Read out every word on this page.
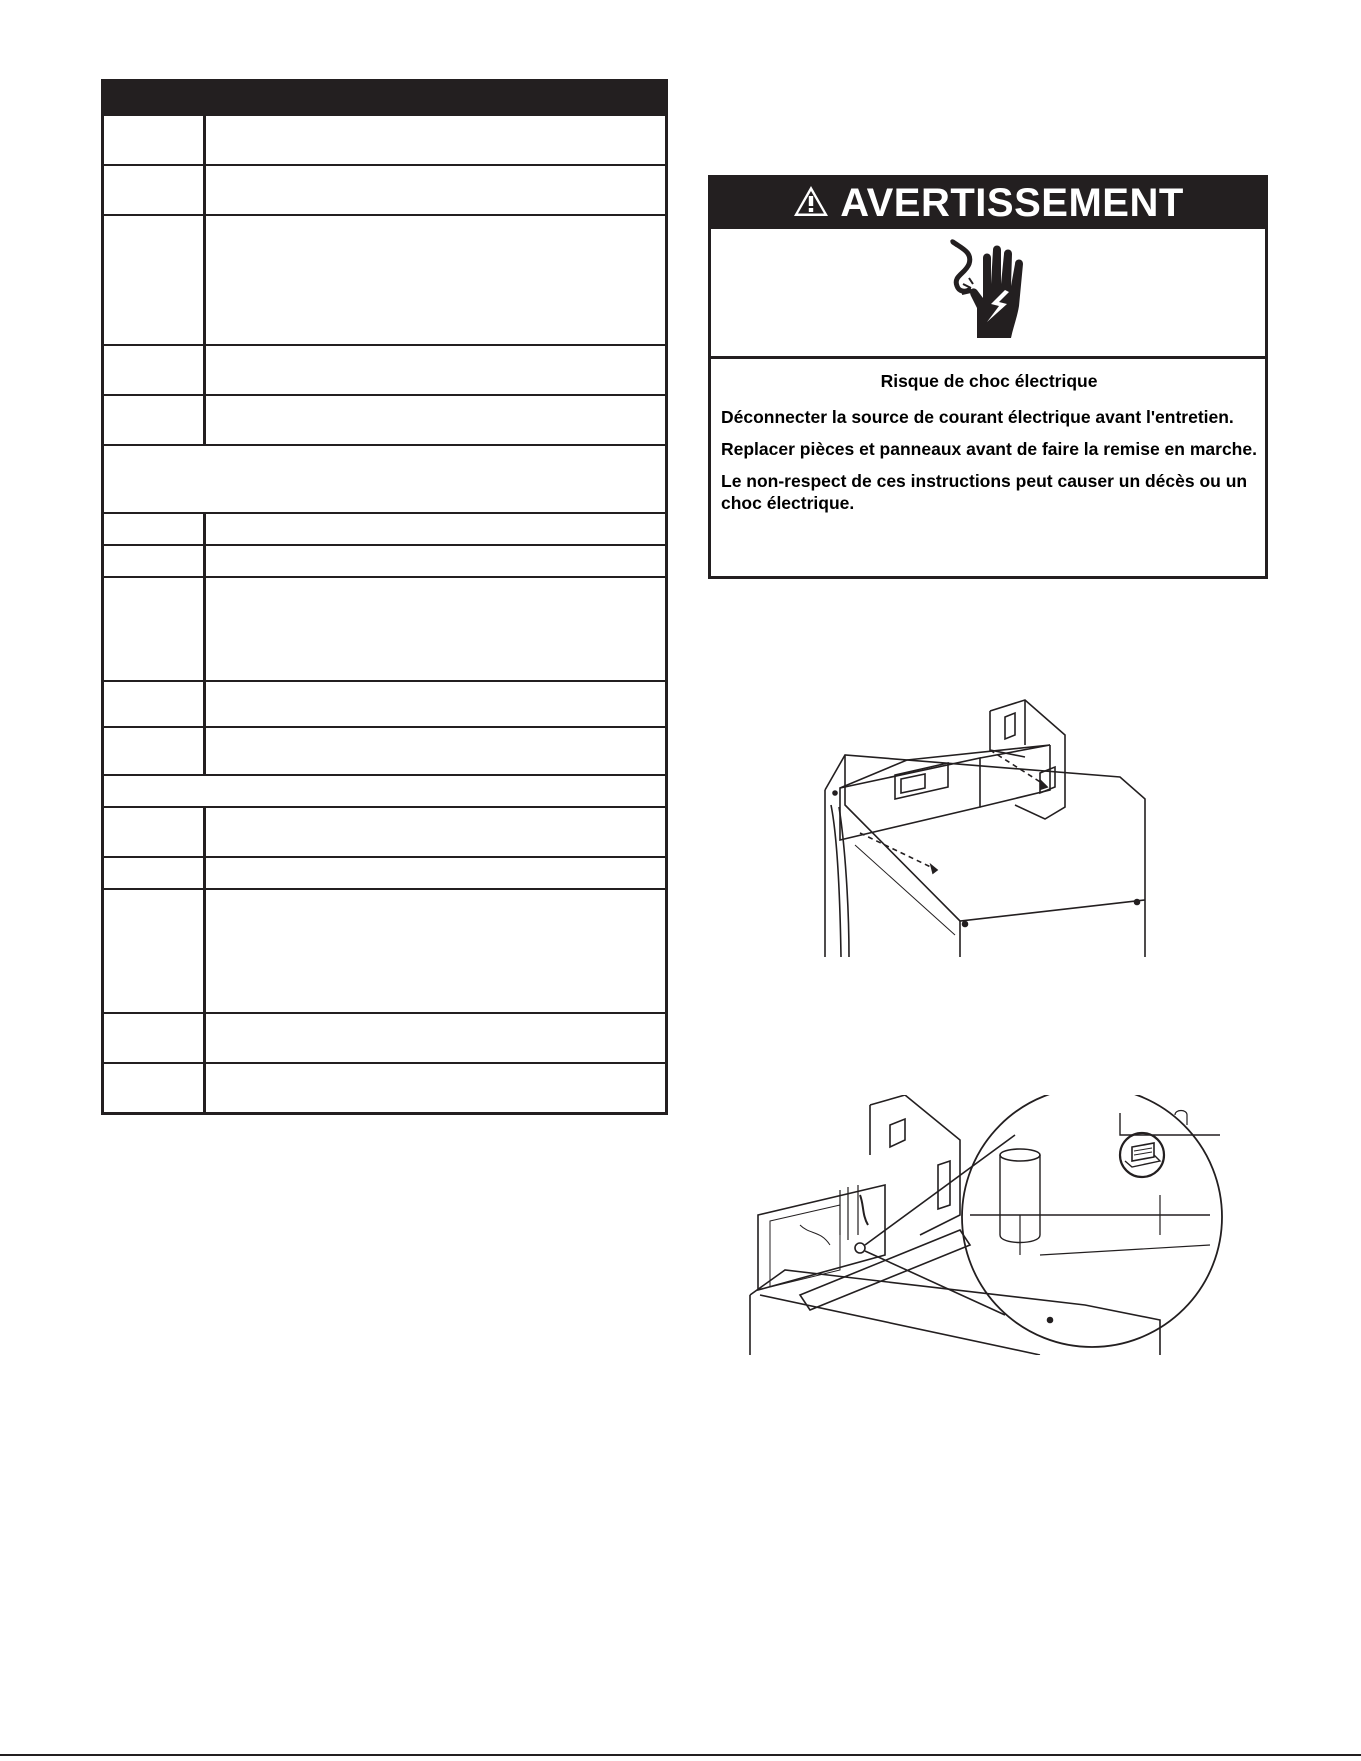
AVERTISSEMENT

Risque de choc électrique

Déconnecter la source de courant électrique avant l'entretien.

Replacer pièces et panneaux avant de faire la remise en marche.

Le non-respect de ces instructions peut causer un décès ou un choc électrique.
